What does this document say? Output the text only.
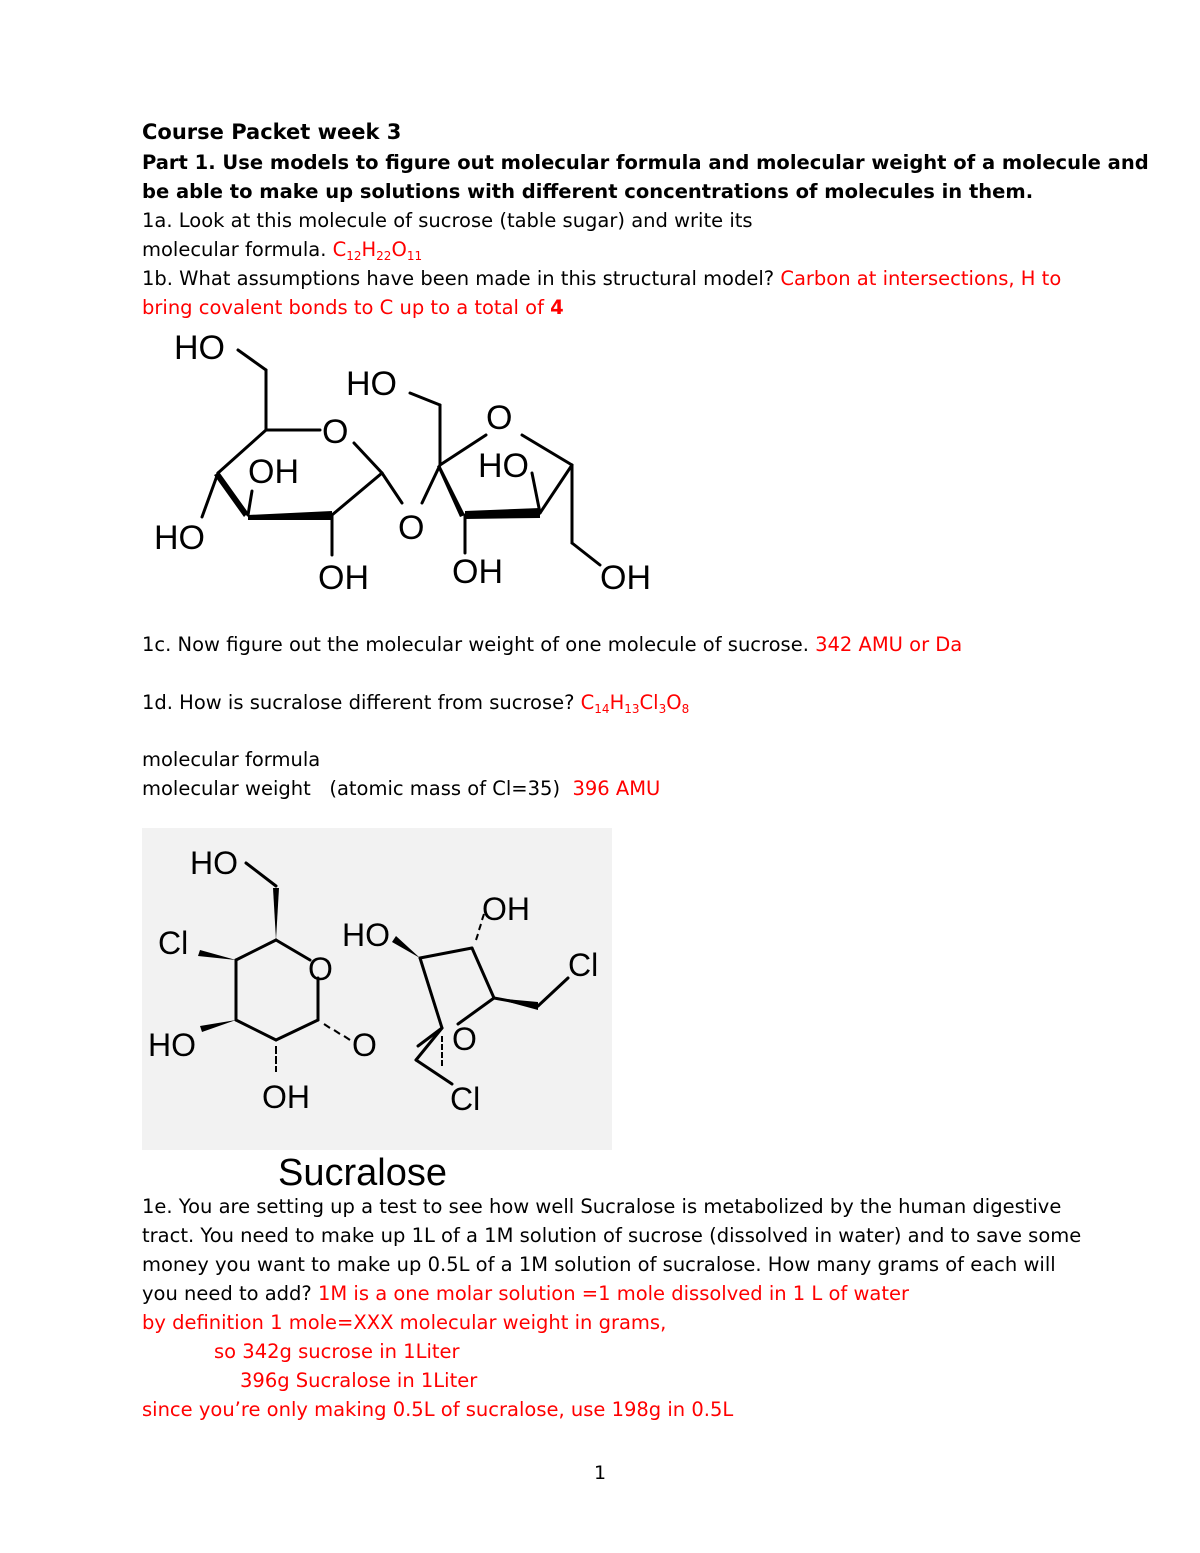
Course Packet week 3
Part 1. Use models to figure out molecular formula and molecular weight of a molecule and
be able to make up solutions with different concentrations of molecules in them.
1a. Look at this molecule of sucrose (table sugar) and write its
molecular formula. $C_{12}H_{22}O_{11}$
1b. What assumptions have been made in this structural model? Carbon at intersections, H to
bring covalent bonds to C up to a total of 4
HO
HO
O	O
OH	HO
HO	O
OH OH	OH
1c. Now figure out the molecular weight of one molecule of sucrose. 342 AMU or Da
1d. How is sucralose different from sucrose? $C_{14}H_{13}Cl_3O_8$
molecular formula
molecular weight   (atomic mass of Cl=35)  396 AMU
HO
Cl
O
HO
OH
Cl
HO	O O
OH	Cl
Sucralose
1e. You are setting up a test to see how well Sucralose is metabolized by the human digestive
tract. You need to make up 1L of a 1M solution of sucrose (dissolved in water) and to save some
money you want to make up 0.5L of a 1M solution of sucralose. How many grams of each will
you need to add? 1M is a one molar solution =1 mole dissolved in 1 L of water
by definition 1 mole=XXX molecular weight in grams,
so 342g sucrose in 1Liter
396g Sucralose in 1Liter
since you’re only making 0.5L of sucralose, use 198g in 0.5L
1
